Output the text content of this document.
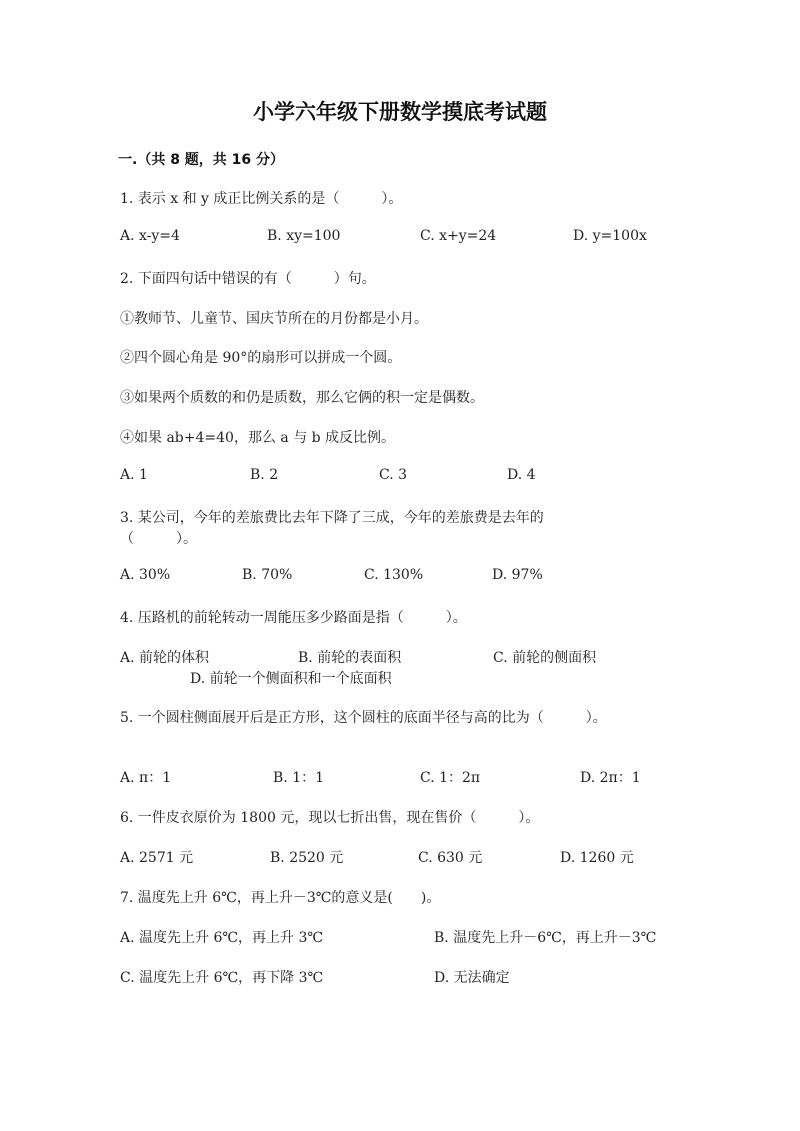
小学六年级下册数学摸底考试题
一.（共 8 题，共 16 分）
1. 表示 x 和 y 成正比例关系的是（　　　）。
A. x-y=4	B. xy=100	C. x+y=24	D. y=100x
2. 下面四句话中错误的有（　　　）句。
①教师节、儿童节、国庆节所在的月份都是小月。
②四个圆心角是 90°的扇形可以拼成一个圆。
③如果两个质数的和仍是质数，那么它俩的积一定是偶数。
④如果 ab+4=40，那么 a 与 b 成反比例。
A. 1	B. 2	C. 3	D. 4
3. 某公司，今年的差旅费比去年下降了三成，今年的差旅费是去年的
（　　　）。
A. 30%	B. 70%	C. 130%	D. 97%
4. 压路机的前轮转动一周能压多少路面是指（　　　）。
A. 前轮的体积	B. 前轮的表面积	C. 前轮的侧面积
D. 前轮一个侧面积和一个底面积
5. 一个圆柱侧面展开后是正方形，这个圆柱的底面半径与高的比为（　　　）。
A. π：1	B. 1：1	C. 1：2π	D. 2π：1
6. 一件皮衣原价为 1800 元，现以七折出售，现在售价（　　　）。
A. 2571 元	B. 2520 元	C. 630 元	D. 1260 元
7. 温度先上升 6℃，再上升－3℃的意义是(　　)。
A. 温度先上升 6℃，再上升 3℃	B. 温度先上升－6℃，再上升－3℃
C. 温度先上升 6℃，再下降 3℃	D. 无法确定
